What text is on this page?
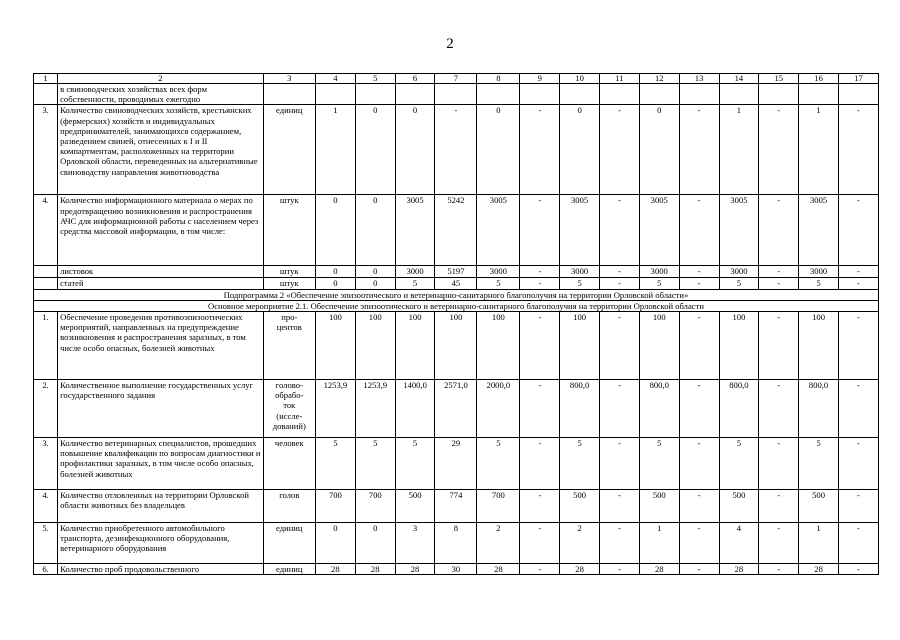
2
1	2	3	4	5	6	7	8	9	10	11	12	13	14	15	16	17
	в свиноводческих хозяйствах всех форм собственности, проводимых ежегодно															
3.	Количество свиноводческих хозяйств, крестьянских (фермерских) хозяйств и индивидуальных предпринимателей, занимающихся содержанием, разведением свиней, отнесенных к I и II компартментам, расположенных на территории Орловской области, переведенных на альтернативные свиноводству направления животноводства	единиц	1	0	0	-	0	-	0	-	0	-	1	-	1	-
4.	Количество информационного материала о мерах по предотвращению возникновения и распространения АЧС для информационной работы с населением через средства массовой информации, в том числе:	штук	0	0	3005	5242	3005	-	3005	-	3005	-	3005	-	3005	-
	листовок	штук	0	0	3000	5197	3000	-	3000	-	3000	-	3000	-	3000	-
	статей	штук	0	0	5	45	5	-	5	-	5	-	5	-	5	-
Подпрограмма 2 «Обеспечение эпизоотического и ветеринарно-санитарного благополучия на территории Орловской области»																
Основное мероприятие 2.1. Обеспечение эпизоотического и ветеринарно-санитарного благополучия на территории Орловской области																
1.	Обеспечение проведения противоэпизоотических мероприятий, направленных на предупреждение возникновения и распространения заразных, в том числе особо опасных, болезней животных	про-
центов	100	100	100	100	100	-	100	-	100	-	100	-	100	-
2.	Количественное выполнение государственных услуг государственного задания	голово-
обрабо-
ток
(иссле-
дований)	1253,9	1253,9	1400,0	2571,0	2000,0	-	800,0	-	800,0	-	800,0	-	800,0	-
3.	Количество ветеринарных специалистов, прошедших повышение квалификации по вопросам диагностики и профилактики заразных, в том числе особо опасных, болезней животных	человек	5	5	5	29	5	-	5	-	5	-	5	-	5	-
4.	Количество отловленных на территории Орловской области животных без владельцев	голов	700	700	500	774	700	-	500	-	500	-	500	-	500	-
5.	Количество приобретенного автомобильного транспорта, дезинфекционного оборудования, ветеринарного оборудования	единиц	0	0	3	8	2	-	2	-	1	-	4	-	1	-
6.	Количество проб продовольственного	единиц	28	28	28	30	28	-	28	-	28	-	28	-	28	-
